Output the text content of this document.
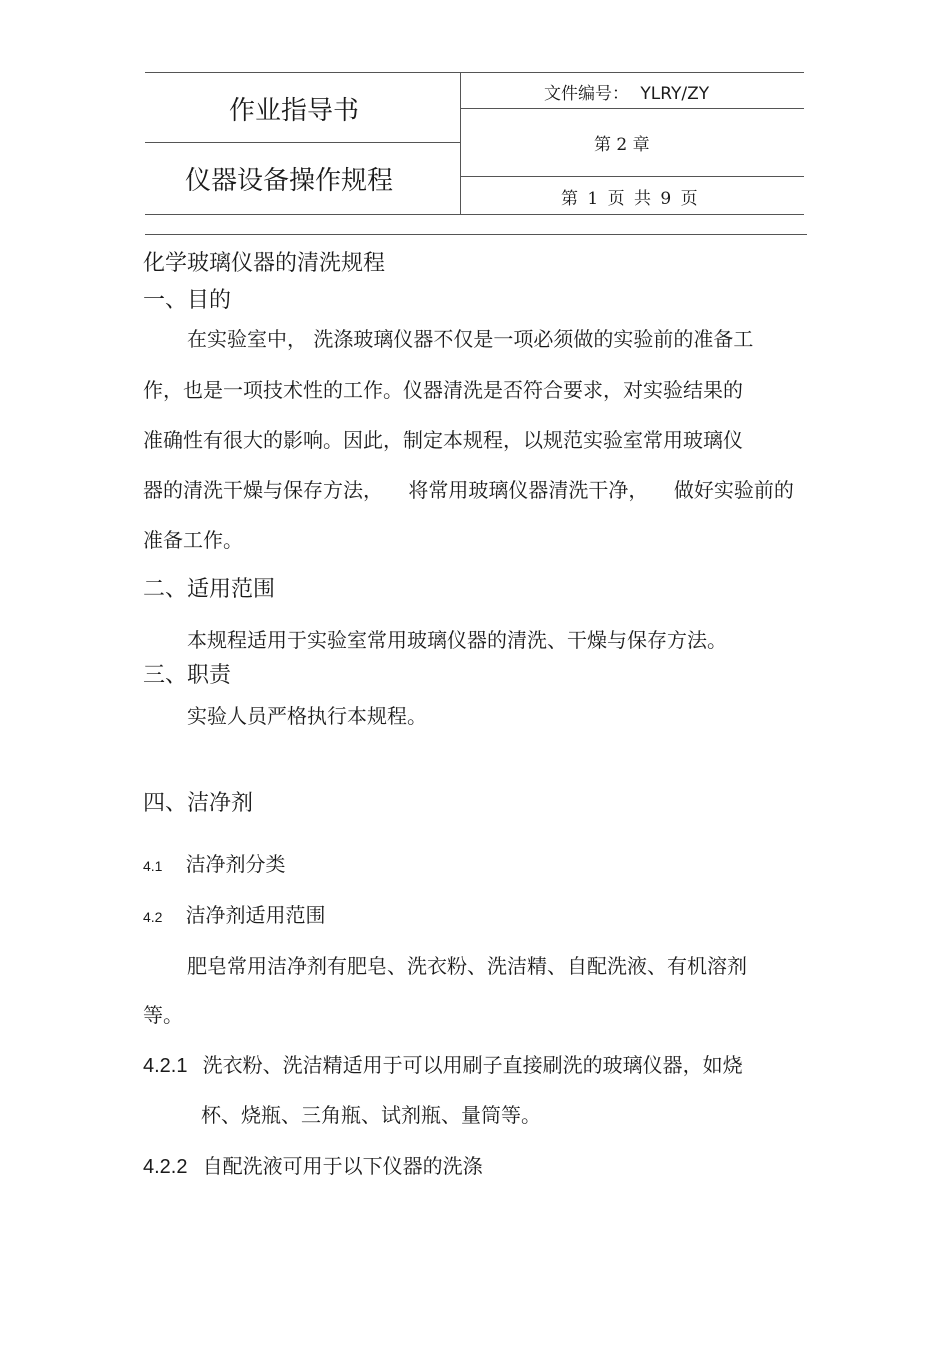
作业指导书
仪器设备操作规程
文件编号： YLRY/ZY
第 2 章
第 1 页 共 9 页
化学玻璃仪器的清洗规程
一、目的
在实验室中， 洗涤玻璃仪器不仅是一项必须做的实验前的准备工
作，也是一项技术性的工作。仪器清洗是否符合要求，对实验结果的
准确性有很大的影响。因此，制定本规程，以规范实验室常用玻璃仪
器的清洗干燥与保存方法，    将常用玻璃仪器清洗干净，    做好实验前的
准备工作。
二、适用范围
本规程适用于实验室常用玻璃仪器的清洗、干燥与保存方法。
三、职责
实验人员严格执行本规程。
四、洁净剂
4.1 洁净剂分类
4.2 洁净剂适用范围
肥皂常用洁净剂有肥皂、洗衣粉、洗洁精、自配洗液、有机溶剂
等。
4.2.1 洗衣粉、洗洁精适用于可以用刷子直接刷洗的玻璃仪器，如烧
杯、烧瓶、三角瓶、试剂瓶、量筒等。
4.2.2 自配洗液可用于以下仪器的洗涤
